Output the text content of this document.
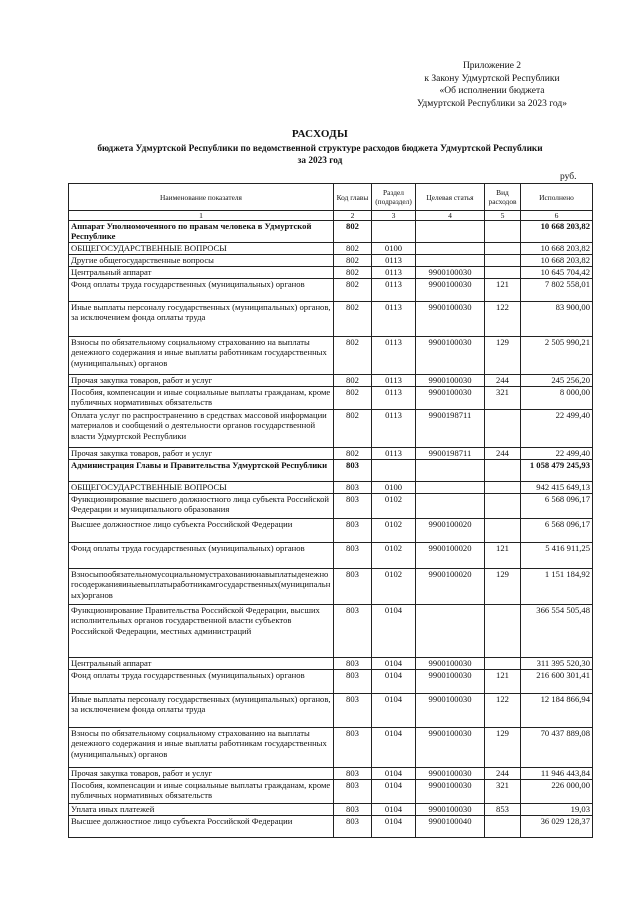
Приложение 2
к Закону Удмуртской Республики
«Об исполнении бюджета
Удмуртской Республики за 2023 год»
РАСХОДЫ
бюджета Удмуртской Республики по ведомственной структуре расходов бюджета Удмуртской Республики
за 2023 год
руб.
Наименование показателя	Код главы	Раздел (подраздел)	Целевая статья	Вид расходов	Исполнено
1	2	3	4	5	6
Аппарат Уполномоченного по правам человека в Удмуртской Республике	802				10 668 203,82
ОБЩЕГОСУДАРСТВЕННЫЕ ВОПРОСЫ	802	0100			10 668 203,82
Другие общегосударственные вопросы	802	0113			10 668 203,82
Центральный аппарат	802	0113	9900100030		10 645 704,42
Фонд оплаты труда государственных (муниципальных) органов	802	0113	9900100030	121	7 802 558,01
Иные выплаты персоналу государственных (муниципальных) органов, за исключением фонда оплаты труда	802	0113	9900100030	122	83 900,00
Взносы по обязательному социальному страхованию на выплаты денежного содержания и иные выплаты работникам государственных (муниципальных) органов	802	0113	9900100030	129	2 505 990,21
Прочая закупка товаров, работ и услуг	802	0113	9900100030	244	245 256,20
Пособия, компенсации и иные социальные выплаты гражданам, кроме публичных нормативных обязательств	802	0113	9900100030	321	8 000,00
Оплата услуг по распространению в средствах массовой информации материалов и сообщений о деятельности органов государственной власти Удмуртской Республики	802	0113	9900198711		22 499,40
Прочая закупка товаров, работ и услуг	802	0113	9900198711	244	22 499,40
Администрация Главы и Правительства Удмуртской Республики	803				1 058 479 245,93
ОБЩЕГОСУДАРСТВЕННЫЕ ВОПРОСЫ	803	0100			942 415 649,13
Функционирование высшего должностного лица субъекта Российской Федерации и муниципального образования	803	0102			6 568 096,17
Высшее должностное лицо субъекта Российской Федерации	803	0102	9900100020		6 568 096,17
Фонд оплаты труда государственных (муниципальных) органов	803	0102	9900100020	121	5 416 911,25
Взносыпообязательномусоциальномустрахованиюнавыплатыденежногосодержанияиныевыплатыработникамгосударственных(муниципальных)органов	803	0102	9900100020	129	1 151 184,92
Функционирование Правительства Российской Федерации, высших исполнительных органов государственной власти субъектов Российской Федерации, местных администраций	803	0104			366 554 505,48
Центральный аппарат	803	0104	9900100030		311 395 520,30
Фонд оплаты труда государственных (муниципальных) органов	803	0104	9900100030	121	216 600 301,41
Иные выплаты персоналу государственных (муниципальных) органов, за исключением фонда оплаты труда	803	0104	9900100030	122	12 184 866,94
Взносы по обязательному социальному страхованию на выплаты денежного содержания и иные выплаты работникам государственных (муниципальных) органов	803	0104	9900100030	129	70 437 889,08
Прочая закупка товаров, работ и услуг	803	0104	9900100030	244	11 946 443,84
Пособия, компенсации и иные социальные выплаты гражданам, кроме публичных нормативных обязательств	803	0104	9900100030	321	226 000,00
Уплата иных платежей	803	0104	9900100030	853	19,03
Высшее должностное лицо субъекта Российской Федерации	803	0104	9900100040		36 029 128,37
